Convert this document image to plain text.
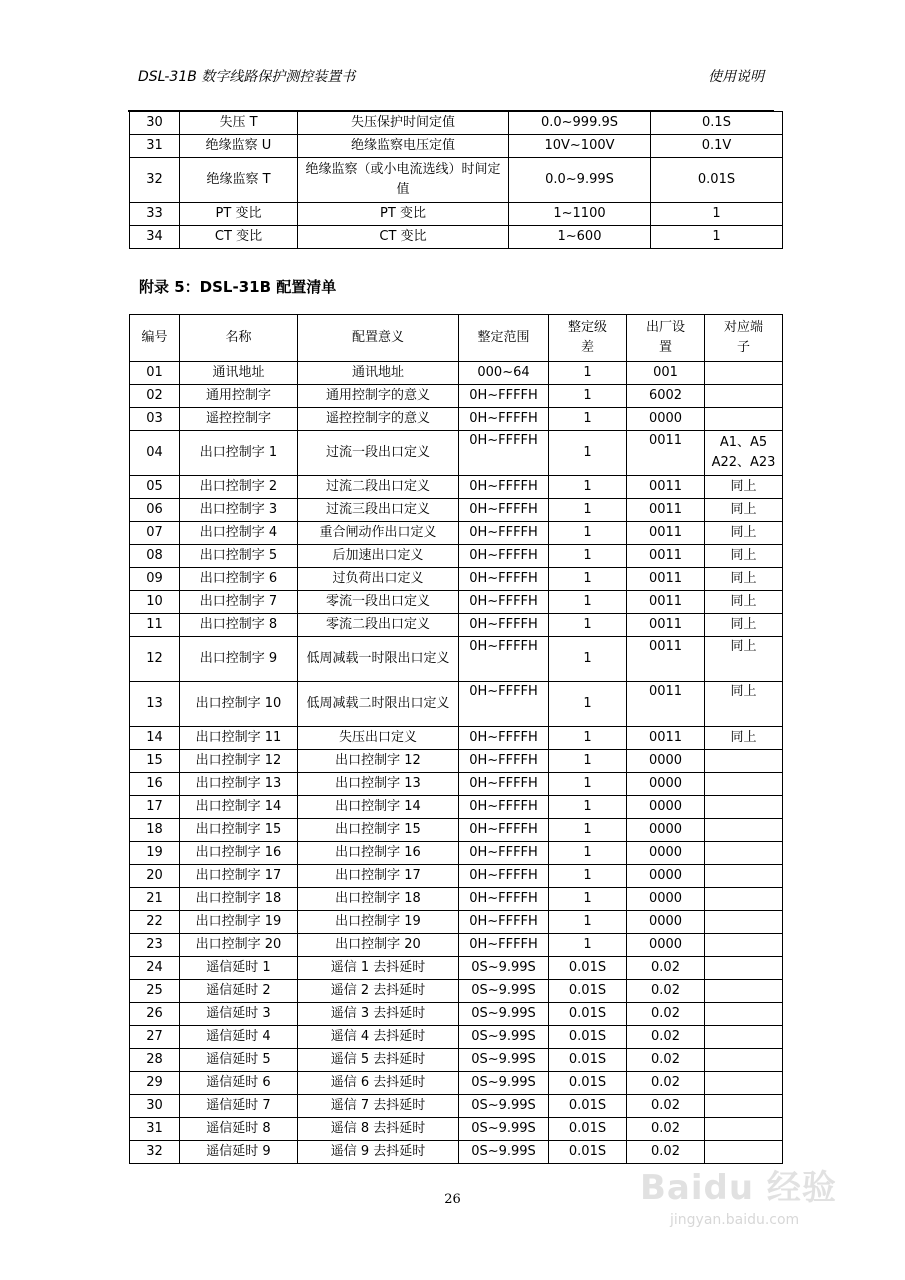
DSL-31B 数字线路保护测控装置书	使用说明
30	失压 T	失压保护时间定值	0.0~999.9S	0.1S
31	绝缘监察 U	绝缘监察电压定值	10V~100V	0.1V
32	绝缘监察 T	绝缘监察（或小电流选线）时间定值	0.0~9.99S	0.01S
33	PT 变比	PT 变比	1~1100	1
34	CT 变比	CT 变比	1~600	1
附录 5：DSL-31B 配置清单
编号	名称	配置意义	整定范围	整定级差	出厂设置	对应端子
01	通讯地址	通讯地址	000~64	1	001	
02	通用控制字	通用控制字的意义	0H~FFFFH	1	6002	
03	遥控控制字	遥控控制字的意义	0H~FFFFH	1	0000	
04	出口控制字 1	过流一段出口定义	0H~FFFFH	1	0011	A1、A5 A22、A23
05	出口控制字 2	过流二段出口定义	0H~FFFFH	1	0011	同上
06	出口控制字 3	过流三段出口定义	0H~FFFFH	1	0011	同上
07	出口控制字 4	重合闸动作出口定义	0H~FFFFH	1	0011	同上
08	出口控制字 5	后加速出口定义	0H~FFFFH	1	0011	同上
09	出口控制字 6	过负荷出口定义	0H~FFFFH	1	0011	同上
10	出口控制字 7	零流一段出口定义	0H~FFFFH	1	0011	同上
11	出口控制字 8	零流二段出口定义	0H~FFFFH	1	0011	同上
12	出口控制字 9	低周减载一时限出口定义	0H~FFFFH	1	0011	同上
13	出口控制字 10	低周减载二时限出口定义	0H~FFFFH	1	0011	同上
14	出口控制字 11	失压出口定义	0H~FFFFH	1	0011	同上
15	出口控制字 12	出口控制字 12	0H~FFFFH	1	0000	
16	出口控制字 13	出口控制字 13	0H~FFFFH	1	0000	
17	出口控制字 14	出口控制字 14	0H~FFFFH	1	0000	
18	出口控制字 15	出口控制字 15	0H~FFFFH	1	0000	
19	出口控制字 16	出口控制字 16	0H~FFFFH	1	0000	
20	出口控制字 17	出口控制字 17	0H~FFFFH	1	0000	
21	出口控制字 18	出口控制字 18	0H~FFFFH	1	0000	
22	出口控制字 19	出口控制字 19	0H~FFFFH	1	0000	
23	出口控制字 20	出口控制字 20	0H~FFFFH	1	0000	
24	遥信延时 1	遥信 1 去抖延时	0S~9.99S	0.01S	0.02	
25	遥信延时 2	遥信 2 去抖延时	0S~9.99S	0.01S	0.02	
26	遥信延时 3	遥信 3 去抖延时	0S~9.99S	0.01S	0.02	
27	遥信延时 4	遥信 4 去抖延时	0S~9.99S	0.01S	0.02	
28	遥信延时 5	遥信 5 去抖延时	0S~9.99S	0.01S	0.02	
29	遥信延时 6	遥信 6 去抖延时	0S~9.99S	0.01S	0.02	
30	遥信延时 7	遥信 7 去抖延时	0S~9.99S	0.01S	0.02	
31	遥信延时 8	遥信 8 去抖延时	0S~9.99S	0.01S	0.02	
32	遥信延时 9	遥信 9 去抖延时	0S~9.99S	0.01S	0.02	
26	Baidu 经验
jingyan.baidu.com
